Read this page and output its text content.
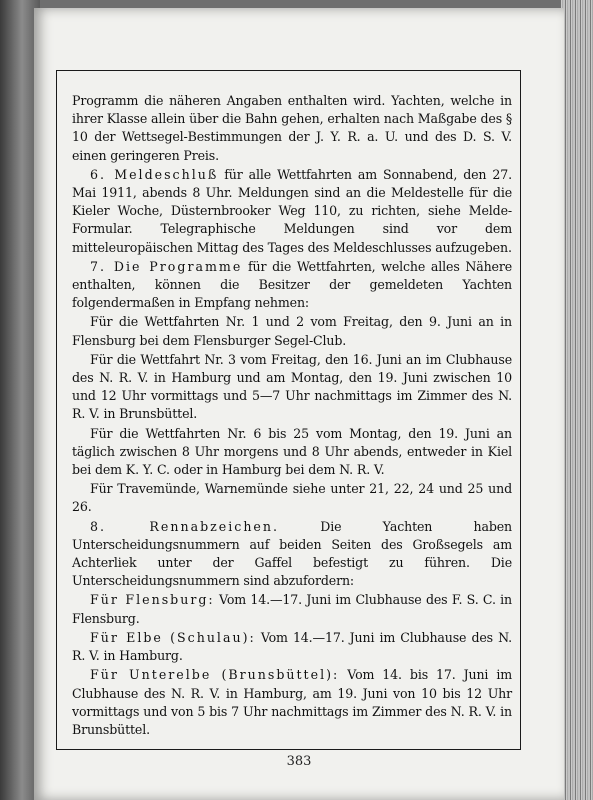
Programm die näheren Angaben enthalten wird. Yachten, welche in ihrer Klasse allein über die Bahn gehen, erhalten nach Maßgabe des § 10 der Wettsegel-Bestimmungen der J. Y. R. a. U. und des D. S. V. einen geringeren Preis.

6. Meldeschluß für alle Wettfahrten am Sonnabend, den 27. Mai 1911, abends 8 Uhr. Meldungen sind an die Meldestelle für die Kieler Woche, Düsternbrooker Weg 110, zu richten, siehe Melde-Formular. Telegraphische Meldungen sind vor dem mitteleuropäischen Mittag des Tages des Meldeschlusses aufzugeben.

7. Die Programme für die Wettfahrten, welche alles Nähere enthalten, können die Besitzer der gemeldeten Yachten folgendermaßen in Empfang nehmen:

Für die Wettfahrten Nr. 1 und 2 vom Freitag, den 9. Juni an in Flensburg bei dem Flensburger Segel-Club.

Für die Wettfahrt Nr. 3 vom Freitag, den 16. Juni an im Clubhause des N. R. V. in Hamburg und am Montag, den 19. Juni zwischen 10 und 12 Uhr vormittags und 5—7 Uhr nachmittags im Zimmer des N. R. V. in Brunsbüttel.

Für die Wettfahrten Nr. 6 bis 25 vom Montag, den 19. Juni an täglich zwischen 8 Uhr morgens und 8 Uhr abends, entweder in Kiel bei dem K. Y. C. oder in Hamburg bei dem N. R. V.

Für Travemünde, Warnemünde siehe unter 21, 22, 24 und 25 und 26.

8. Rennabzeichen. Die Yachten haben Unterscheidungsnummern auf beiden Seiten des Großsegels am Achterliek unter der Gaffel befestigt zu führen. Die Unterscheidungsnummern sind abzufordern:

Für Flensburg: Vom 14.—17. Juni im Clubhause des F. S. C. in Flensburg.

Für Elbe (Schulau): Vom 14.—17. Juni im Clubhause des N. R. V. in Hamburg.

Für Unterelbe (Brunsbüttel): Vom 14. bis 17. Juni im Clubhause des N. R. V. in Hamburg, am 19. Juni von 10 bis 12 Uhr vormittags und von 5 bis 7 Uhr nachmittags im Zimmer des N. R. V. in Brunsbüttel.

383
